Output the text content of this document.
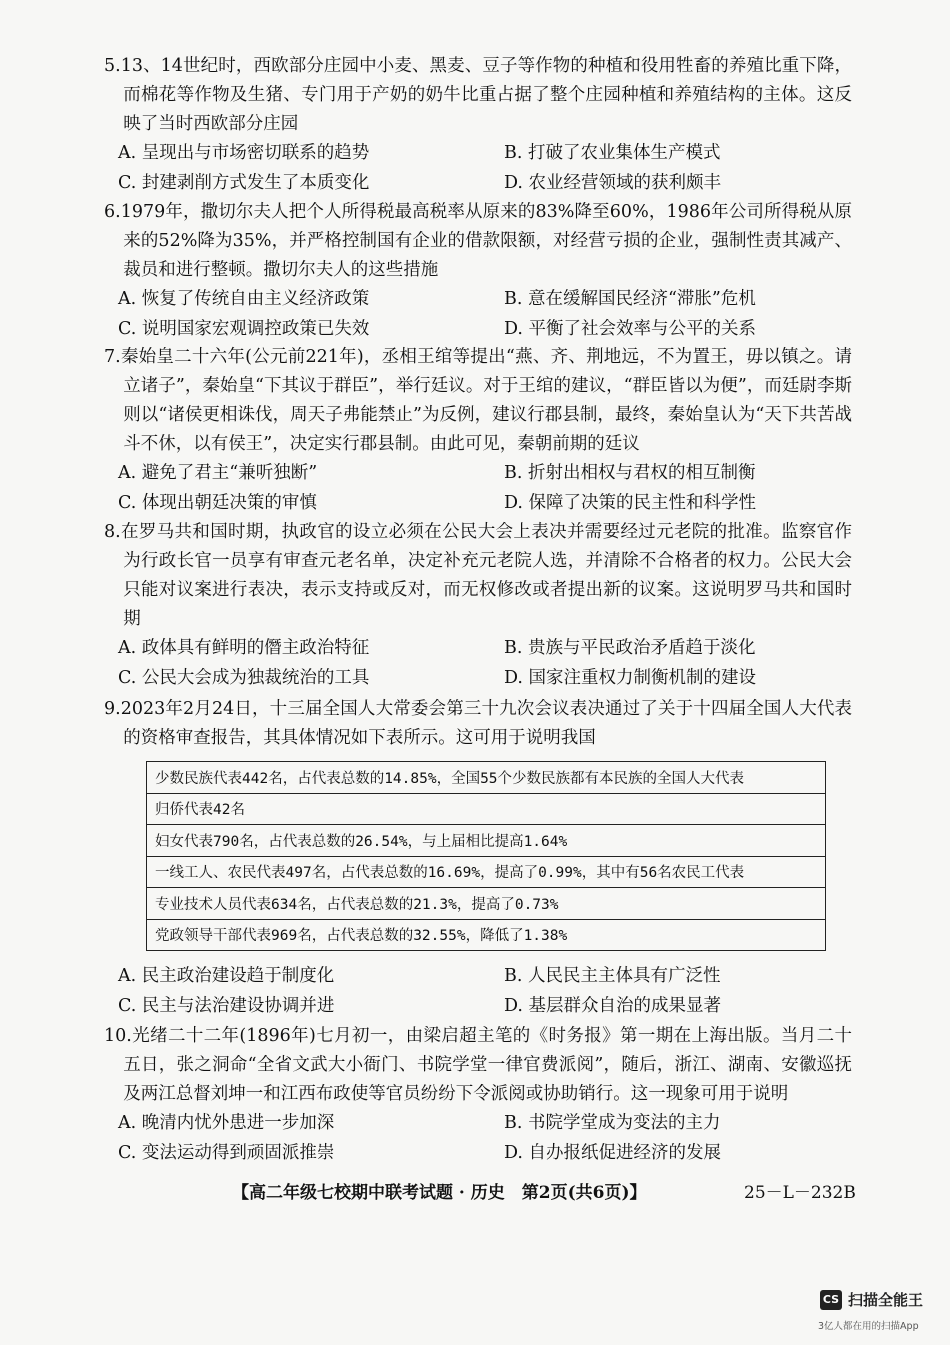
5.13、14世纪时，西欧部分庄园中小麦、黑麦、豆子等作物的种植和役用牲畜的养殖比重下降，而棉花等作物及生猪、专门用于产奶的奶牛比重占据了整个庄园种植和养殖结构的主体。这反映了当时西欧部分庄园
A. 呈现出与市场密切联系的趋势	B. 打破了农业集体生产模式
C. 封建剥削方式发生了本质变化	D. 农业经营领域的获利颇丰
6.1979年，撒切尔夫人把个人所得税最高税率从原来的83%降至60%，1986年公司所得税从原来的52%降为35%，并严格控制国有企业的借款限额，对经营亏损的企业，强制性责其减产、裁员和进行整顿。撒切尔夫人的这些措施
A. 恢复了传统自由主义经济政策	B. 意在缓解国民经济“滞胀”危机
C. 说明国家宏观调控政策已失效	D. 平衡了社会效率与公平的关系
7.秦始皇二十六年(公元前221年)，丞相王绾等提出“燕、齐、荆地远，不为置王，毋以镇之。请立诸子”，秦始皇“下其议于群臣”，举行廷议。对于王绾的建议，“群臣皆以为便”，而廷尉李斯则以“诸侯更相诛伐，周天子弗能禁止”为反例，建议行郡县制，最终，秦始皇认为“天下共苦战斗不休，以有侯王”，决定实行郡县制。由此可见，秦朝前期的廷议
A. 避免了君主“兼听独断”	B. 折射出相权与君权的相互制衡
C. 体现出朝廷决策的审慎	D. 保障了决策的民主性和科学性
8.在罗马共和国时期，执政官的设立必须在公民大会上表决并需要经过元老院的批准。监察官作为行政长官一员享有审查元老名单，决定补充元老院人选，并清除不合格者的权力。公民大会只能对议案进行表决，表示支持或反对，而无权修改或者提出新的议案。这说明罗马共和国时期
A. 政体具有鲜明的僭主政治特征	B. 贵族与平民政治矛盾趋于淡化
C. 公民大会成为独裁统治的工具	D. 国家注重权力制衡机制的建设
9.2023年2月24日，十三届全国人大常委会第三十九次会议表决通过了关于十四届全国人大代表的资格审查报告，其具体情况如下表所示。这可用于说明我国
少数民族代表442名，占代表总数的14.85%，全国55个少数民族都有本民族的全国人大代表
归侨代表42名
妇女代表790名，占代表总数的26.54%，与上届相比提高1.64%
一线工人、农民代表497名，占代表总数的16.69%，提高了0.99%，其中有56名农民工代表
专业技术人员代表634名，占代表总数的21.3%，提高了0.73%
党政领导干部代表969名，占代表总数的32.55%，降低了1.38%
A. 民主政治建设趋于制度化	B. 人民民主主体具有广泛性
C. 民主与法治建设协调并进	D. 基层群众自治的成果显著
10.光绪二十二年(1896年)七月初一，由梁启超主笔的《时务报》第一期在上海出版。当月二十五日，张之洞命“全省文武大小衙门、书院学堂一律官费派阅”，随后，浙江、湖南、安徽巡抚及两江总督刘坤一和江西布政使等官员纷纷下令派阅或协助销行。这一现象可用于说明
A. 晚清内忧外患进一步加深	B. 书院学堂成为变法的主力
C. 变法运动得到顽固派推崇	D. 自办报纸促进经济的发展
【高二年级七校期中联考试题 · 历史　第2页(共6页)】	25－L－232B
CS 扫描全能王
3亿人都在用的扫描App
